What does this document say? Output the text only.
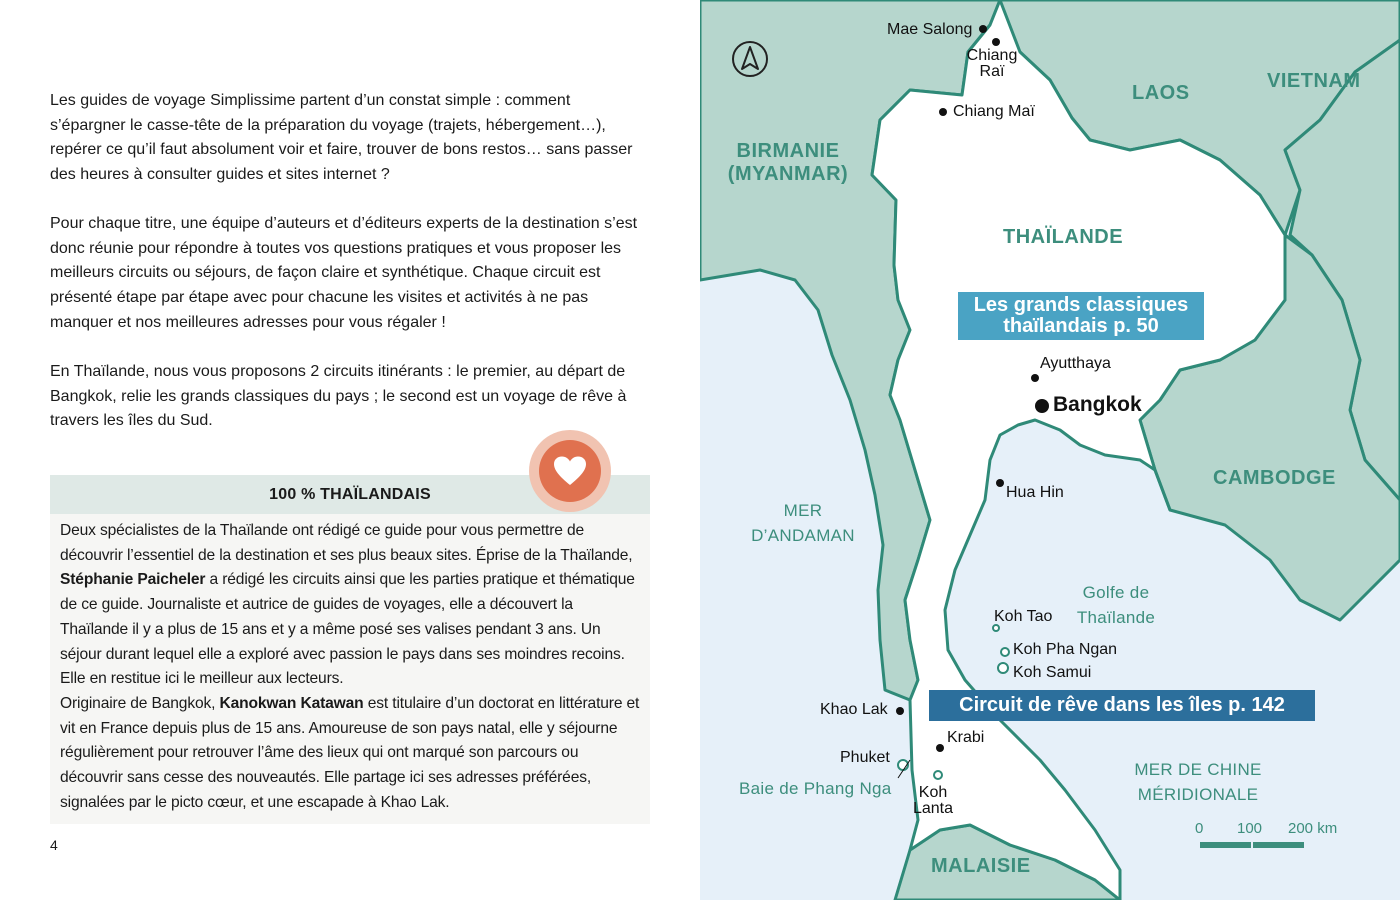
Les guides de voyage Simplissime partent d’un constat simple : comment s’épargner le casse-tête de la préparation du voyage (trajets, hébergement…), repérer ce qu’il faut absolument voir et faire, trouver de bons restos… sans passer des heures à consulter guides et sites internet ?

Pour chaque titre, une équipe d’auteurs et d’éditeurs experts de la destination s’est donc réunie pour répondre à toutes vos questions pratiques et vous proposer les meilleurs circuits ou séjours, de façon claire et synthétique. Chaque circuit est présenté étape par étape avec pour chacune les visites et activités à ne pas manquer et nos meilleures adresses pour vous régaler !

En Thaïlande, nous vous proposons 2 circuits itinérants : le premier, au départ de Bangkok, relie les grands classiques du pays ; le second est un voyage de rêve à travers les îles du Sud.

100 % THAÏLANDAIS

Deux spécialistes de la Thaïlande ont rédigé ce guide pour vous permettre de découvrir l’essentiel de la destination et ses plus beaux sites. Éprise de la Thaïlande, Stéphanie Paicheler a rédigé les circuits ainsi que les parties pratique et thématique de ce guide. Journaliste et autrice de guides de voyages, elle a découvert la Thaïlande il y a plus de 15 ans et y a même posé ses valises pendant 3 ans. Un séjour durant lequel elle a exploré avec passion le pays dans ses moindres recoins. Elle en restitue ici le meilleur aux lecteurs.
Originaire de Bangkok, Kanokwan Katawan est titulaire d’un doctorat en littérature et vit en France depuis plus de 15 ans. Amoureuse de son pays natal, elle y séjourne régulièrement pour retrouver l’âme des lieux qui ont marqué son parcours ou découvrir sans cesse des nouveautés. Elle partage ici ses adresses préférées, signalées par le picto cœur, et une escapade à Khao Lak.

4
BIRMANIE (MYANMAR)
LAOS
VIETNAM
THAÏLANDE
CAMBODGE
MALAISIE
MER D’ANDAMAN
Golfe de Thaïlande
MER DE CHINE MÉRIDIONALE
Baie de Phang Nga
Mae Salong
Chiang Raï
Chiang Maï
Ayutthaya
Bangkok
Hua Hin
Koh Tao
Koh Pha Ngan
Koh Samui
Khao Lak
Krabi
Phuket
Koh Lanta
Les grands classiques thaïlandais p. 50
Circuit de rêve dans les îles p. 142
0 100 200 km
